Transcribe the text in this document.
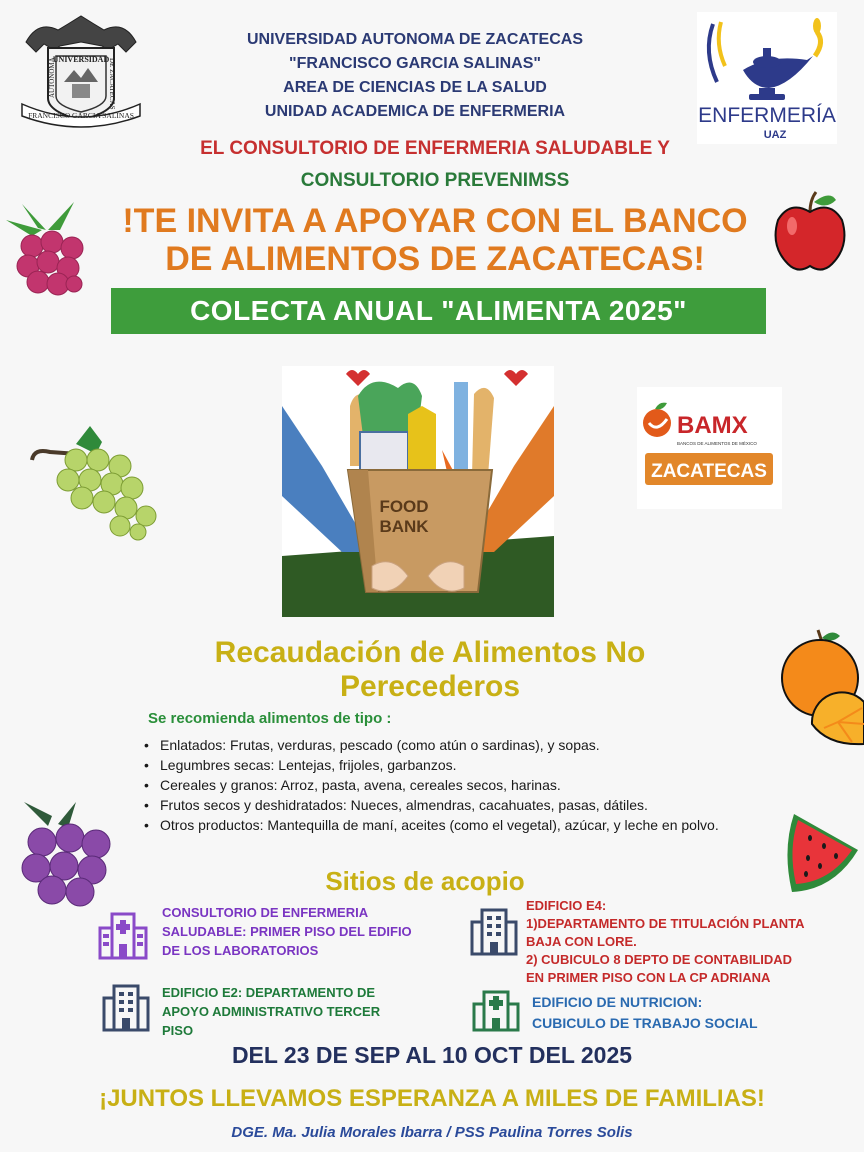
UNIVERSIDAD
AUTONOMA	DE ZACATECAS
FRANCISCO GARCIA SALINAS
UNIVERSIDAD AUTONOMA DE ZACATECAS
"FRANCISCO GARCIA SALINAS"
AREA DE CIENCIAS DE LA SALUD
UNIDAD ACADEMICA DE ENFERMERIA	ENFERMERÍA
UAZ
EL CONSULTORIO DE ENFERMERIA SALUDABLE Y
CONSULTORIO PREVENIMSS
!TE INVITA A APOYAR CON EL BANCO
DE ALIMENTOS DE ZACATECAS!
COLECTA ANUAL "ALIMENTA 2025"
FOOD
BANK
BAMX
BANCOS DE ALIMENTOS DE MÉXICO
ZACATECAS
Recaudación de Alimentos No
Perecederos
Se recomienda alimentos de tipo :
• Enlatados: Frutas, verduras, pescado (como atún o sardinas), y sopas.
• Legumbres secas: Lentejas, frijoles, garbanzos.
• Cereales y granos: Arroz, pasta, avena, cereales secos, harinas.
• Frutos secos y deshidratados: Nueces, almendras, cacahuates, pasas, dátiles.
• Otros productos: Mantequilla de maní, aceites (como el vegetal), azúcar, y leche en polvo.
Sitios de acopio
CONSULTORIO DE ENFERMERIA
SALUDABLE: PRIMER PISO DEL EDIFIO
DE LOS LABORATORIOS
EDIFICIO E4:
1)DEPARTAMENTO DE TITULACIÓN PLANTA
BAJA CON LORE.
2) CUBICULO 8 DEPTO DE CONTABILIDAD
EN PRIMER PISO CON LA CP ADRIANA
EDIFICIO E2: DEPARTAMENTO DE
APOYO ADMINISTRATIVO TERCER
PISO
EDIFICIO DE NUTRICION:
CUBICULO DE TRABAJO SOCIAL
DEL 23 DE SEP AL 10 OCT DEL 2025
¡JUNTOS LLEVAMOS ESPERANZA A MILES DE FAMILIAS!
DGE. Ma. Julia Morales Ibarra / PSS Paulina Torres Solis
